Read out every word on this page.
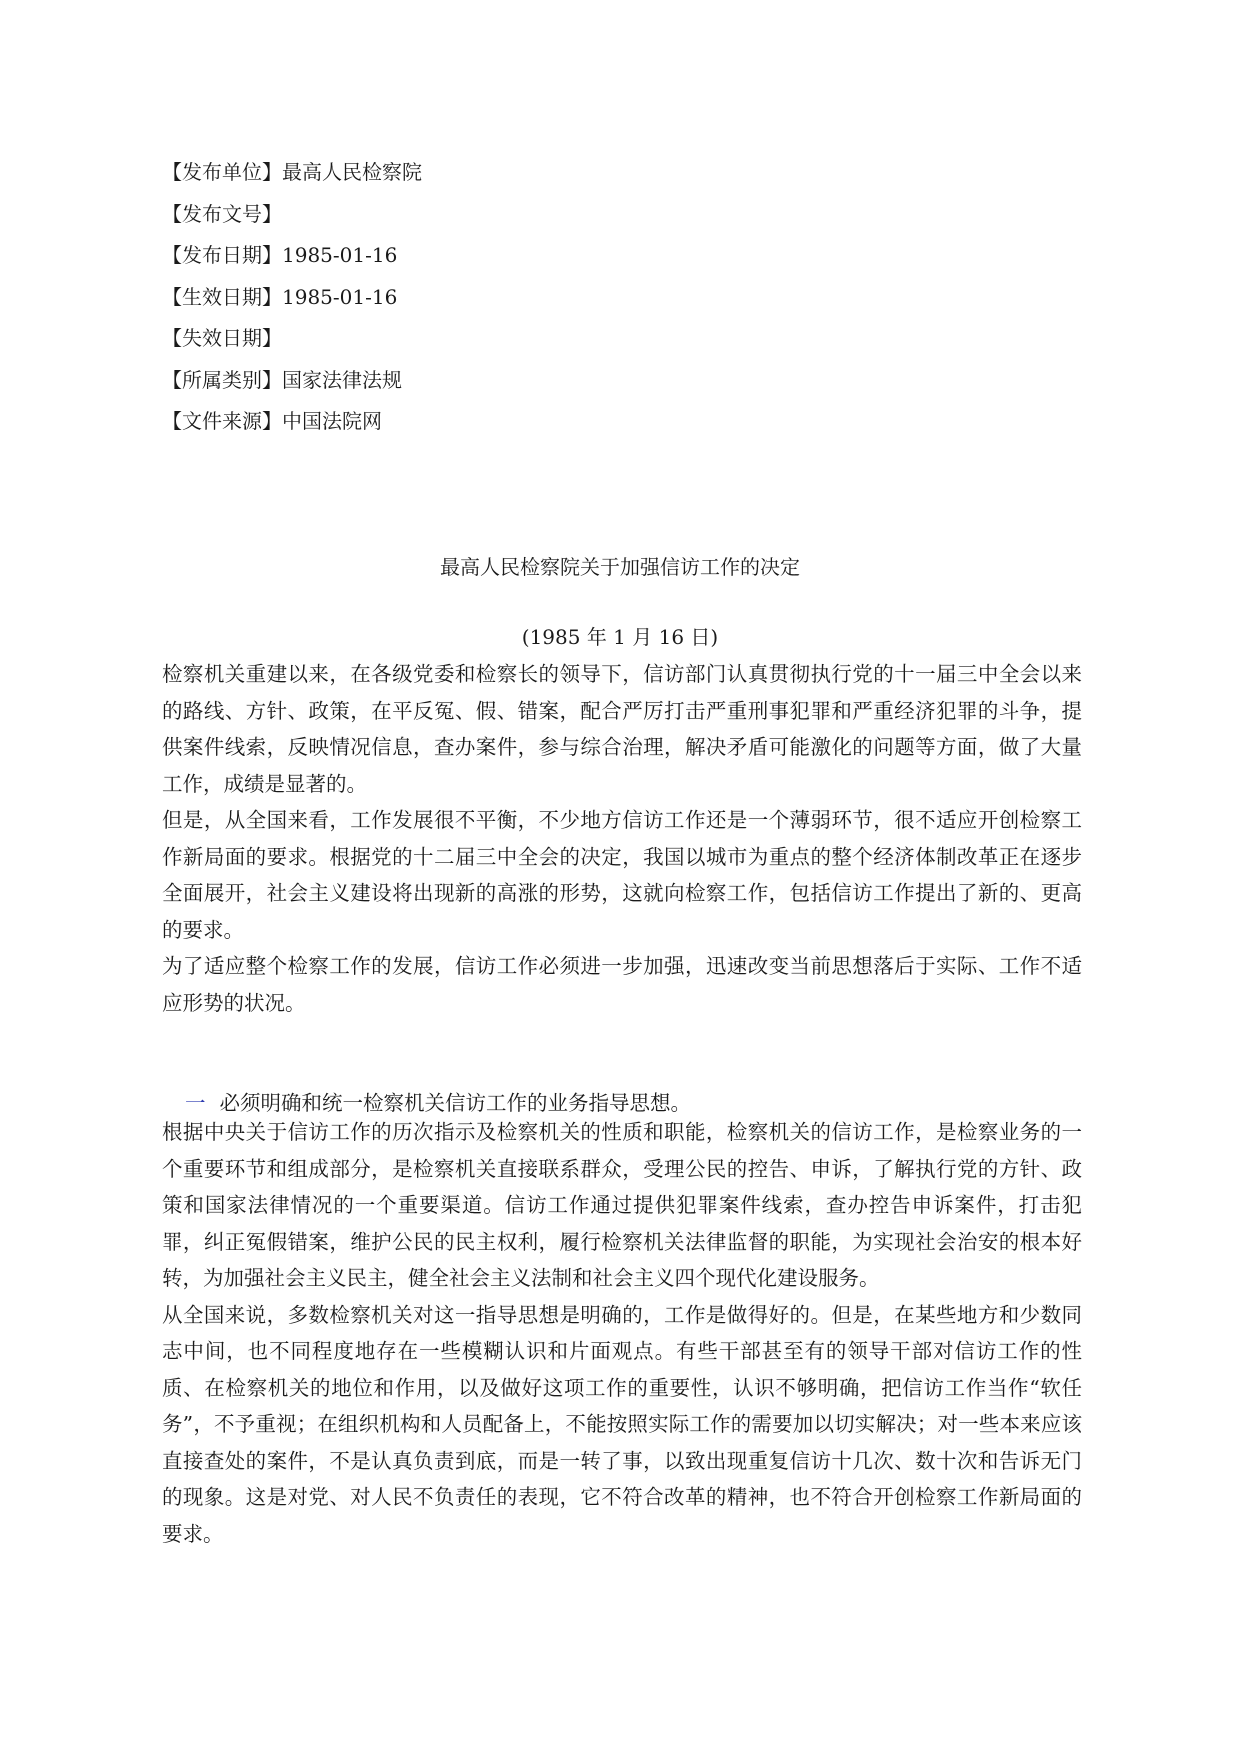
【发布单位】最高人民检察院
【发布文号】
【发布日期】1985-01-16
【生效日期】1985-01-16
【失效日期】
【所属类别】国家法律法规
【文件来源】中国法院网
最高人民检察院关于加强信访工作的决定
(1985 年 1 月 16 日)

检察机关重建以来，在各级党委和检察长的领导下，信访部门认真贯彻执行党的十一届三中全会以来的路线、方针、政策，在平反冤、假、错案，配合严厉打击严重刑事犯罪和严重经济犯罪的斗争，提供案件线索，反映情况信息，查办案件，参与综合治理，解决矛盾可能激化的问题等方面，做了大量工作，成绩是显著的。

但是，从全国来看，工作发展很不平衡，不少地方信访工作还是一个薄弱环节，很不适应开创检察工作新局面的要求。根据党的十二届三中全会的决定，我国以城市为重点的整个经济体制改革正在逐步全面展开，社会主义建设将出现新的高涨的形势，这就向检察工作，包括信访工作提出了新的、更高的要求。

为了适应整个检察工作的发展，信访工作必须进一步加强，迅速改变当前思想落后于实际、工作不适应形势的状况。

一 必须明确和统一检察机关信访工作的业务指导思想。

根据中央关于信访工作的历次指示及检察机关的性质和职能，检察机关的信访工作，是检察业务的一个重要环节和组成部分，是检察机关直接联系群众，受理公民的控告、申诉，了解执行党的方针、政策和国家法律情况的一个重要渠道。信访工作通过提供犯罪案件线索，查办控告申诉案件，打击犯罪，纠正冤假错案，维护公民的民主权利，履行检察机关法律监督的职能，为实现社会治安的根本好转，为加强社会主义民主，健全社会主义法制和社会主义四个现代化建设服务。

从全国来说，多数检察机关对这一指导思想是明确的，工作是做得好的。但是，在某些地方和少数同志中间，也不同程度地存在一些模糊认识和片面观点。有些干部甚至有的领导干部对信访工作的性质、在检察机关的地位和作用，以及做好这项工作的重要性，认识不够明确，把信访工作当作“软任务”，不予重视；在组织机构和人员配备上，不能按照实际工作的需要加以切实解决；对一些本来应该直接查处的案件，不是认真负责到底，而是一转了事，以致出现重复信访十几次、数十次和告诉无门的现象。这是对党、对人民不负责任的表现，它不符合改革的精神，也不符合开创检察工作新局面的要求。
